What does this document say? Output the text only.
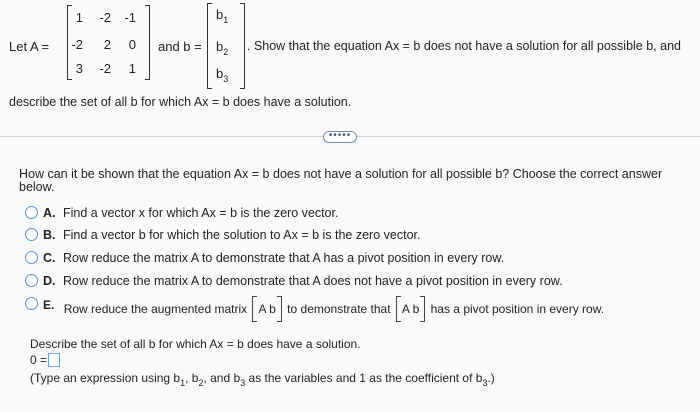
Let A =
1	-2	-1
-2	2	0
3	-2	1
and b =
$b_1$
$b_2$
$b_3$
. Show that the equation Ax = b does not have a solution for all possible b, and
describe the set of all b for which Ax = b does have a solution.
•••••
How can it be shown that the equation Ax = b does not have a solution for all possible b? Choose the correct answer
below.
A. Find a vector x for which Ax = b is the zero vector.
B. Find a vector b for which the solution to Ax = b is the zero vector.
C. Row reduce the matrix A to demonstrate that A has a pivot position in every row.
D. Row reduce the matrix A to demonstrate that A does not have a pivot position in every row.
E. Row reduce the augmented matrix A b to demonstrate that A b has a pivot position in every row.
Describe the set of all b for which Ax = b does have a solution.
0 =
(Type an expression using $b_1$, $b_2$, and $b_3$ as the variables and 1 as the coefficient of $b_3$.)
